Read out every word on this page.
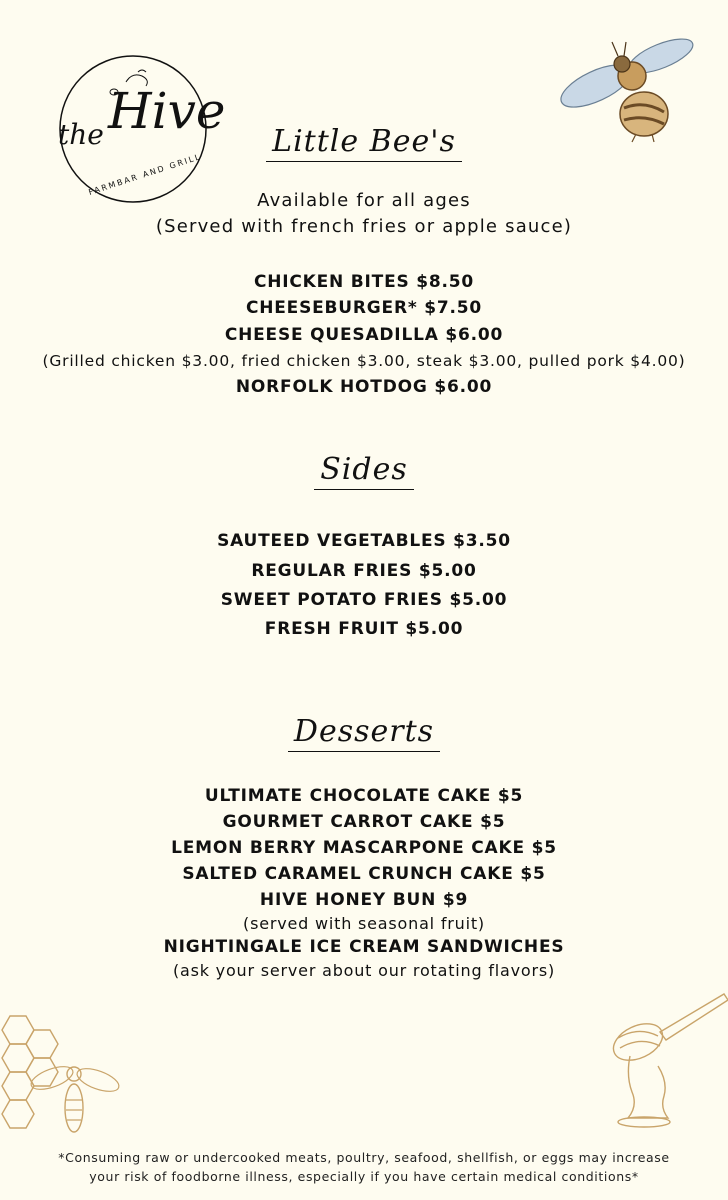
the Hive
FARMBAR AND GRILL
Little Bee's
Available for all ages
(Served with french fries or apple sauce)
CHICKEN BITES $8.50
CHEESEBURGER* $7.50
CHEESE QUESADILLA $6.00
(Grilled chicken $3.00, fried chicken $3.00, steak $3.00, pulled pork $4.00)
NORFOLK HOTDOG $6.00
Sides
SAUTEED VEGETABLES $3.50
REGULAR FRIES $5.00
SWEET POTATO FRIES $5.00
FRESH FRUIT $5.00
Desserts
ULTIMATE CHOCOLATE CAKE $5
GOURMET CARROT CAKE $5
LEMON BERRY MASCARPONE CAKE $5
SALTED CARAMEL CRUNCH CAKE $5
HIVE HONEY BUN $9
(served with seasonal fruit)
NIGHTINGALE ICE CREAM SANDWICHES
(ask your server about our rotating flavors)
*Consuming raw or undercooked meats, poultry, seafood, shellfish, or eggs may increase
your risk of foodborne illness, especially if you have certain medical conditions*
